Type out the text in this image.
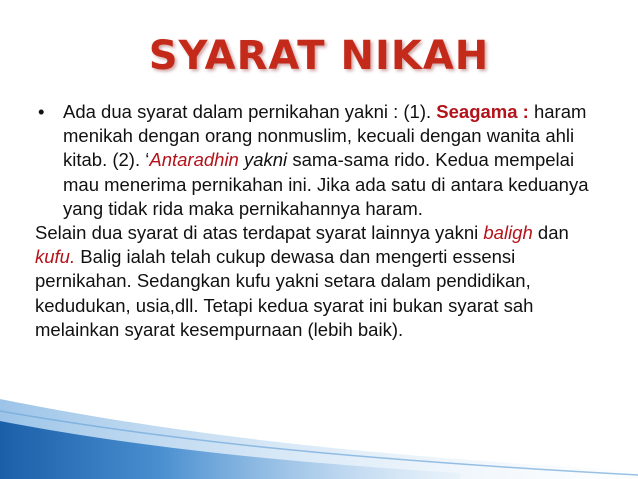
SYARAT NIKAH
• Ada dua syarat dalam pernikahan yakni : (1). Seagama : haram menikah dengan orang nonmuslim, kecuali dengan wanita ahli kitab. (2). ‘Antaradhin yakni sama-sama rido. Kedua mempelai mau menerima pernikahan ini. Jika ada satu di antara keduanya yang tidak rida maka pernikahannya haram.

Selain dua syarat di atas terdapat syarat lainnya yakni baligh dan kufu. Balig ialah telah cukup dewasa dan mengerti essensi pernikahan. Sedangkan kufu yakni setara dalam pendidikan, kedudukan, usia,dll. Tetapi kedua syarat ini bukan syarat sah melainkan syarat kesempurnaan (lebih baik).
